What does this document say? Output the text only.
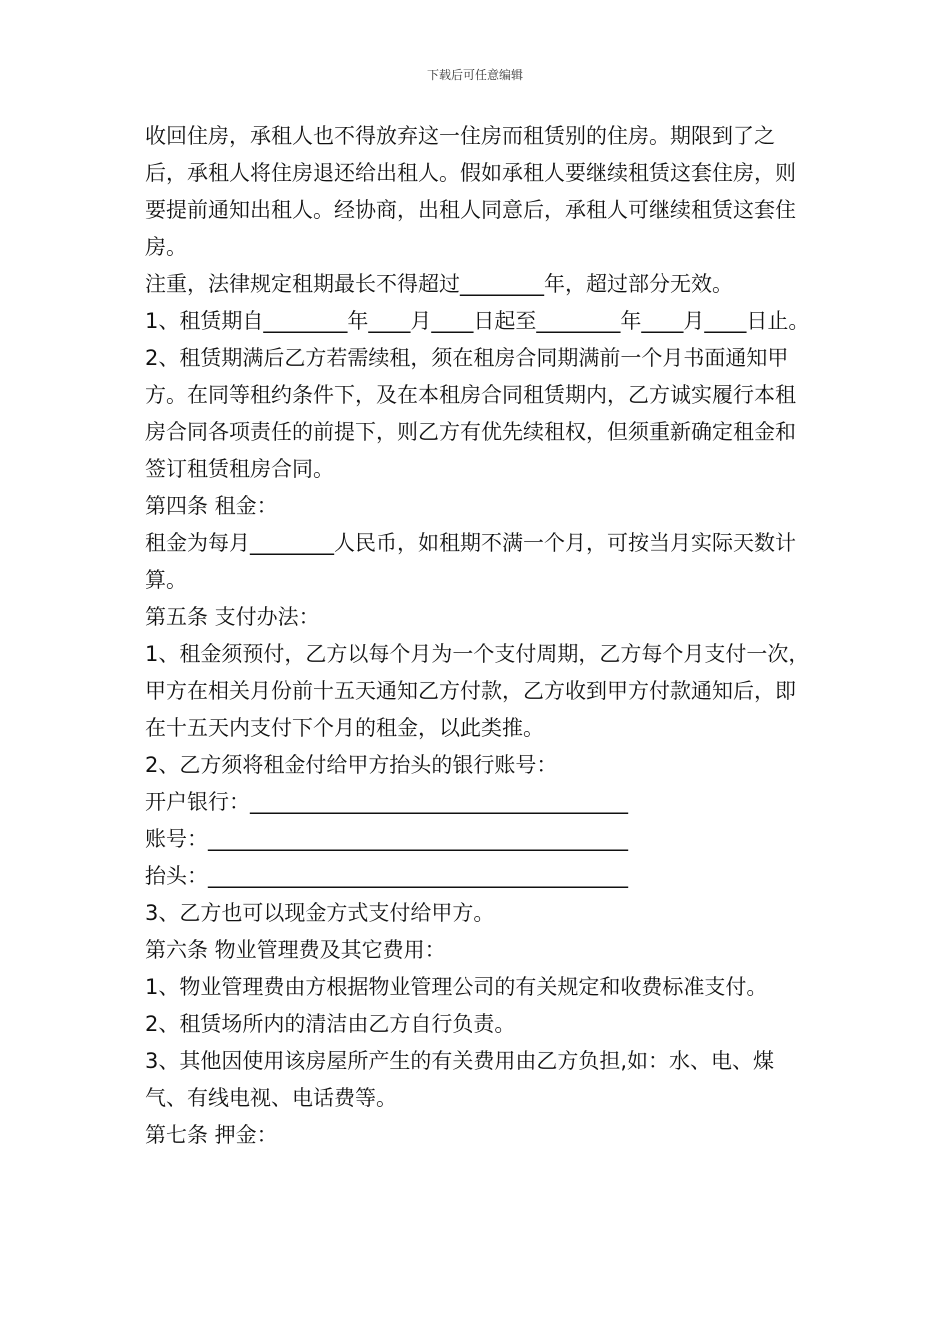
下载后可任意编辑

收回住房，承租人也不得放弃这一住房而租赁别的住房。期限到了之后，承租人将住房退还给出租人。假如承租人要继续租赁这套住房，则要提前通知出租人。经协商，出租人同意后，承租人可继续租赁这套住房。

注重，法律规定租期最长不得超过________年，超过部分无效。

1、租赁期自________年____月____日起至________年____月____日止。

2、租赁期满后乙方若需续租，须在租房合同期满前一个月书面通知甲方。在同等租约条件下，及在本租房合同租赁期内，乙方诚实履行本租房合同各项责任的前提下，则乙方有优先续租权，但须重新确定租金和签订租赁租房合同。

第四条 租金：

租金为每月________人民币，如租期不满一个月，可按当月实际天数计算。

第五条 支付办法：

1、租金须预付，乙方以每个月为一个支付周期，乙方每个月支付一次，甲方在相关月份前十五天通知乙方付款，乙方收到甲方付款通知后，即在十五天内支付下个月的租金，以此类推。

2、乙方须将租金付给甲方抬头的银行账号：

开户银行：____________________________________

账号：________________________________________

抬头：________________________________________

3、乙方也可以现金方式支付给甲方。

第六条 物业管理费及其它费用：

1、物业管理费由方根据物业管理公司的有关规定和收费标准支付。

2、租赁场所内的清洁由乙方自行负责。

3、其他因使用该房屋所产生的有关费用由乙方负担,如：水、电、煤气、有线电视、电话费等。

第七条 押金：
